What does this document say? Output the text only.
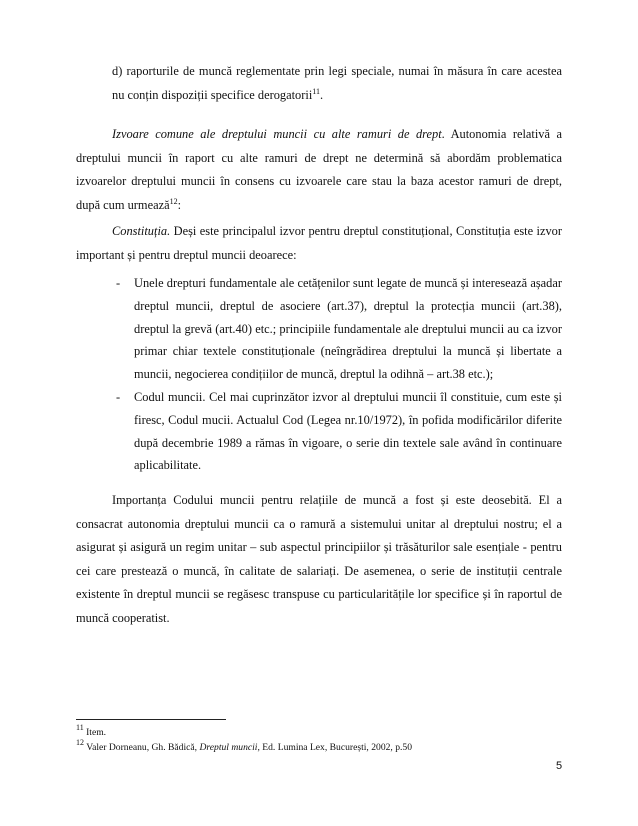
d) raporturile de muncă reglementate prin legi speciale, numai în măsura în care acestea nu conțin dispoziții specifice derogatorii$^{11}$.
Izvoare comune ale dreptului muncii cu alte ramuri de drept. Autonomia relativă a dreptului muncii în raport cu alte ramuri de drept ne determină să abordăm problematica izvoarelor dreptului muncii în consens cu izvoarele care stau la baza acestor ramuri de drept, după cum urmează$^{12}$:
Constituția. Deși este principalul izvor pentru dreptul constituțional, Constituția este izvor important și pentru dreptul muncii deoarece:
-	Unele drepturi fundamentale ale cetățenilor sunt legate de muncă și interesează așadar dreptul muncii, dreptul de asociere (art.37), dreptul la protecția muncii (art.38), dreptul la grevă (art.40) etc.; principiile fundamentale ale dreptului muncii au ca izvor primar chiar textele constituționale (neîngrădirea dreptului la muncă și libertate a muncii, negocierea condițiilor de muncă, dreptul la odihnă – art.38 etc.);
-	Codul muncii. Cel mai cuprinzător izvor al dreptului muncii îl constituie, cum este și firesc, Codul mucii. Actualul Cod (Legea nr.10/1972), în pofida modificărilor diferite după decembrie 1989 a rămas în vigoare, o serie din textele sale având în continuare aplicabilitate.
Importanța Codului muncii pentru relațiile de muncă a fost și este deosebită. El a consacrat autonomia dreptului muncii ca o ramură a sistemului unitar al dreptului nostru; el a asigurat și asigură un regim unitar – sub aspectul principiilor și trăsăturilor sale esențiale - pentru cei care prestează o muncă, în calitate de salariați. De asemenea, o serie de instituții centrale existente în dreptul muncii se regăsesc transpuse cu particularitățile lor specifice și în raportul de muncă cooperatist.
$^{11}$ Item.
$^{12}$ Valer Dorneanu, Gh. Bădică, Dreptul muncii, Ed. Lumina Lex, București, 2002, p.50
5
